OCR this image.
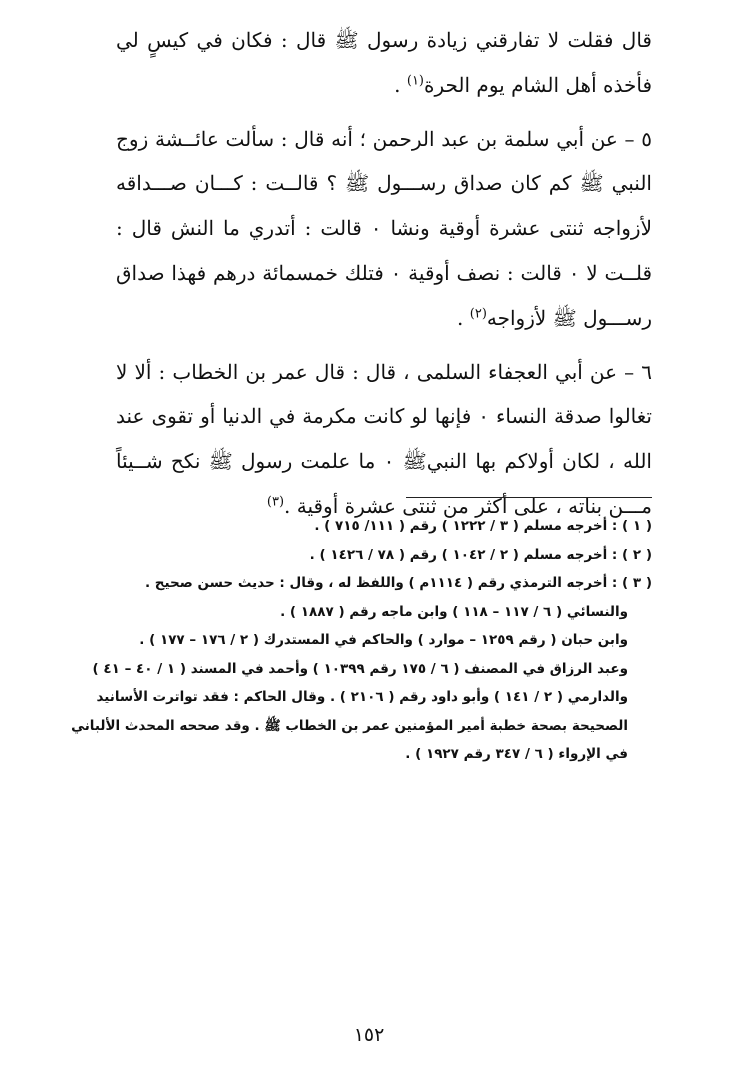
قال فقلت لا تفارقني زيادة رسول ﷺ قال : فكان في كيسٍ لي فأخذه أهل الشام يوم الحرة$^{(١)}$ .

٥ – عن أبي سلمة بن عبد الرحمن ؛ أنه قال : سألت عائــشة زوج النبي ﷺ كم كان صداق رســـول ﷺ ؟ قالــت : كـــان صـــداقه لأزواجه ثنتى عشرة أوقية ونشا ٠ قالت : أتدري ما النش قال : قلــت لا ٠ قالت : نصف أوقية ٠ فتلك خمسمائة درهم فهذا صداق رســـول ﷺ لأزواجه$^{(٢)}$ .

٦ – عن أبي العجفاء السلمى ، قال : قال عمر بن الخطاب : ألا لا تغالوا صدقة النساء ٠ فإنها لو كانت مكرمة في الدنيا أو تقوى عند الله ، لكان أولاكم بها النبيﷺ ٠ ما علمت رسول ﷺ نكح شــيئاً مـــن بناته ، على أكثر من ثنتى عشرة أوقية .$^{(٣)}$

( ١ ) : أخرجه مسلم ( ٣ / ١٢٢٢ ) رقم ( ١١١/ ٧١٥ ) .
( ٢ ) : أخرجه مسلم ( ٢ / ١٠٤٢ ) رقم ( ٧٨ / ١٤٢٦ ) .
( ٣ ) : أخرجه الترمذي رقم ( ١١١٤م ) واللفظ له ، وقال : حديث حسن صحيح .
والنسائي ( ٦ / ١١٧ – ١١٨ ) وابن ماجه رقم ( ١٨٨٧ ) .
وابن حبان ( رقم ١٢٥٩ – موارد ) والحاكم في المستدرك ( ٢ / ١٧٦ – ١٧٧ ) .
وعبد الرزاق في المصنف ( ٦ / ١٧٥ رقم ١٠٣٩٩ ) وأحمد في المسند ( ١ / ٤٠ – ٤١ )
والدارمي ( ٢ / ١٤١ ) وأبو داود رقم ( ٢١٠٦ ) . وقال الحاكم : فقد تواترت الأسانيد
الصحيحة بصحة خطبة أمير المؤمنين عمر بن الخطاب ﷺ . وقد صححه المحدث الألباني
في الإرواء ( ٦ / ٣٤٧ رقم ١٩٢٧ ) .
١٥٢
